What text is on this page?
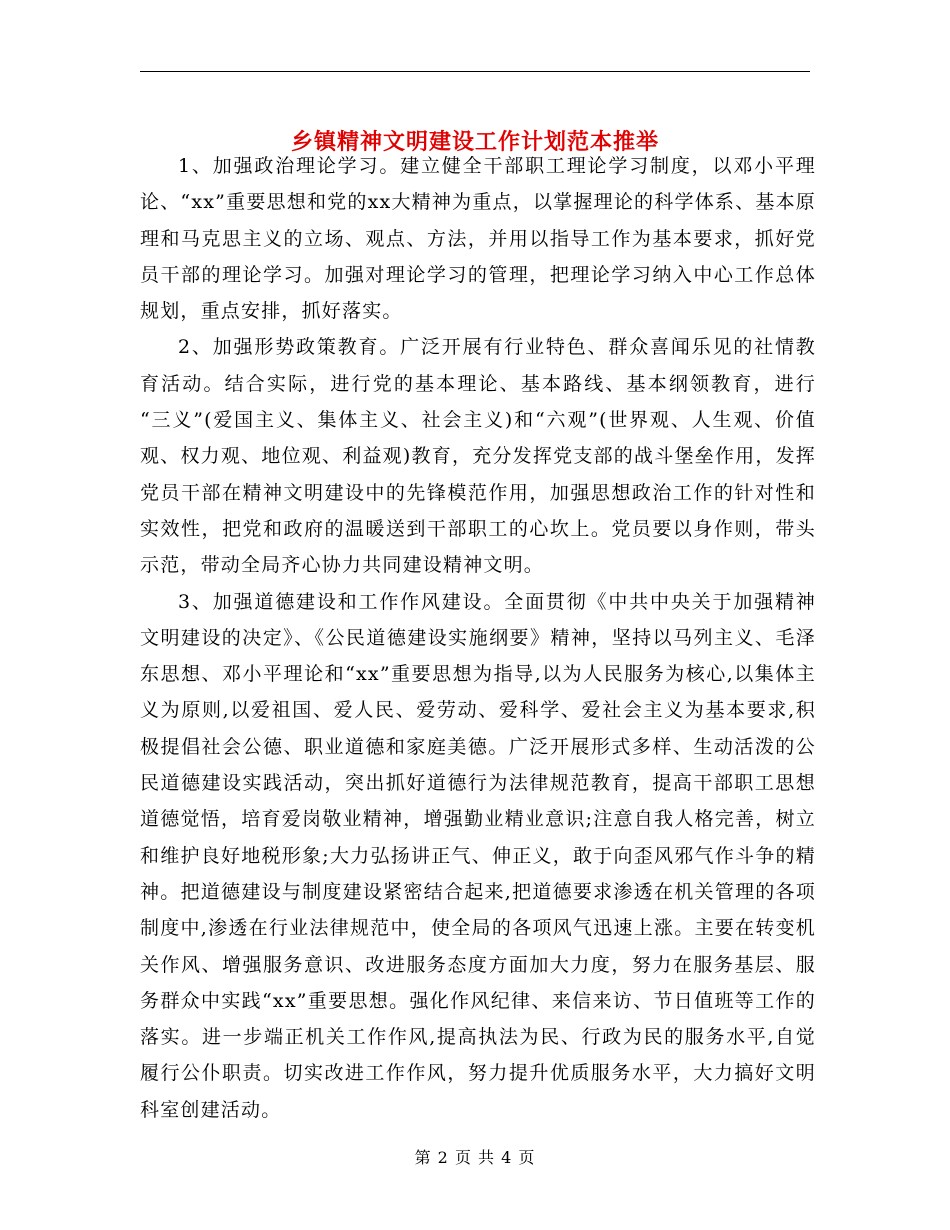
乡镇精神文明建设工作计划范本推举

1、加强政治理论学习。建立健全干部职工理论学习制度，以邓小平理论、“xx”重要思想和党的xx大精神为重点，以掌握理论的科学体系、基本原理和马克思主义的立场、观点、方法，并用以指导工作为基本要求，抓好党员干部的理论学习。加强对理论学习的管理，把理论学习纳入中心工作总体规划，重点安排，抓好落实。

2、加强形势政策教育。广泛开展有行业特色、群众喜闻乐见的社情教育活动。结合实际，进行党的基本理论、基本路线、基本纲领教育，进行 “三义”(爱国主义、集体主义、社会主义)和“六观”(世界观、人生观、价值观、权力观、地位观、利益观)教育，充分发挥党支部的战斗堡垒作用，发挥党员干部在精神文明建设中的先锋模范作用，加强思想政治工作的针对性和实效性，把党和政府的温暖送到干部职工的心坎上。党员要以身作则，带头示范，带动全局齐心协力共同建设精神文明。

3、加强道德建设和工作作风建设。全面贯彻《中共中央关于加强精神文明建设的决定》、《公民道德建设实施纲要》精神，坚持以马列主义、毛泽东思想、邓小平理论和“xx”重要思想为指导,以为人民服务为核心,以集体主义为原则,以爱祖国、爱人民、爱劳动、爱科学、爱社会主义为基本要求,积极提倡社会公德、职业道德和家庭美德。广泛开展形式多样、生动活泼的公民道德建设实践活动，突出抓好道德行为法律规范教育，提高干部职工思想道德觉悟，培育爱岗敬业精神，增强勤业精业意识;注意自我人格完善，树立和维护良好地税形象;大力弘扬讲正气、伸正义，敢于向歪风邪气作斗争的精神。把道德建设与制度建设紧密结合起来,把道德要求渗透在机关管理的各项制度中,渗透在行业法律规范中，使全局的各项风气迅速上涨。主要在转变机关作风、增强服务意识、改进服务态度方面加大力度，努力在服务基层、服务群众中实践“xx”重要思想。强化作风纪律、来信来访、节日值班等工作的落实。进一步端正机关工作作风,提高执法为民、行政为民的服务水平,自觉履行公仆职责。切实改进工作作风，努力提升优质服务水平，大力搞好文明科室创建活动。

第 2 页 共 4 页
